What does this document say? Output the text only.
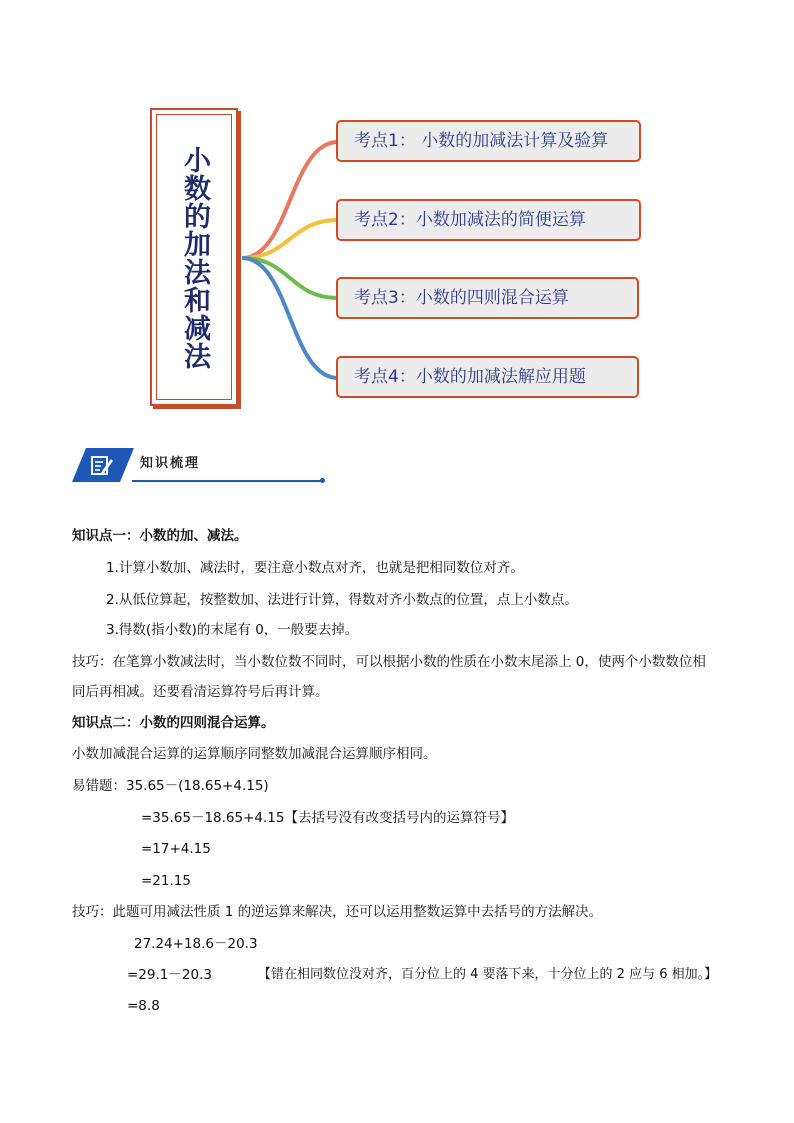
小数的加法和减法
考点1： 小数的加减法计算及验算
考点2：小数加减法的简便运算
考点3：小数的四则混合运算
考点4：小数的加减法解应用题
知识梳理
知识点一：小数的加、减法。
1.计算小数加、减法时，要注意小数点对齐，也就是把相同数位对齐。
2.从低位算起，按整数加、法进行计算，得数对齐小数点的位置，点上小数点。
3.得数(指小数)的末尾有 0，一般要去掉。
技巧：在笔算小数减法时，当小数位数不同时，可以根据小数的性质在小数末尾添上 0，使两个小数数位相
同后再相减。还要看清运算符号后再计算。
知识点二：小数的四则混合运算。
小数加减混合运算的运算顺序同整数加减混合运算顺序相同。
易错题：35.65－(18.65+4.15)
=35.65－18.65+4.15【去括号没有改变括号内的运算符号】
=17+4.15
=21.15
技巧：此题可用减法性质 1 的逆运算来解决，还可以运用整数运算中去括号的方法解决。
27.24+18.6－20.3
=29.1－20.3	【错在相同数位没对齐，百分位上的 4 要落下来，十分位上的 2 应与 6 相加。】
=8.8
